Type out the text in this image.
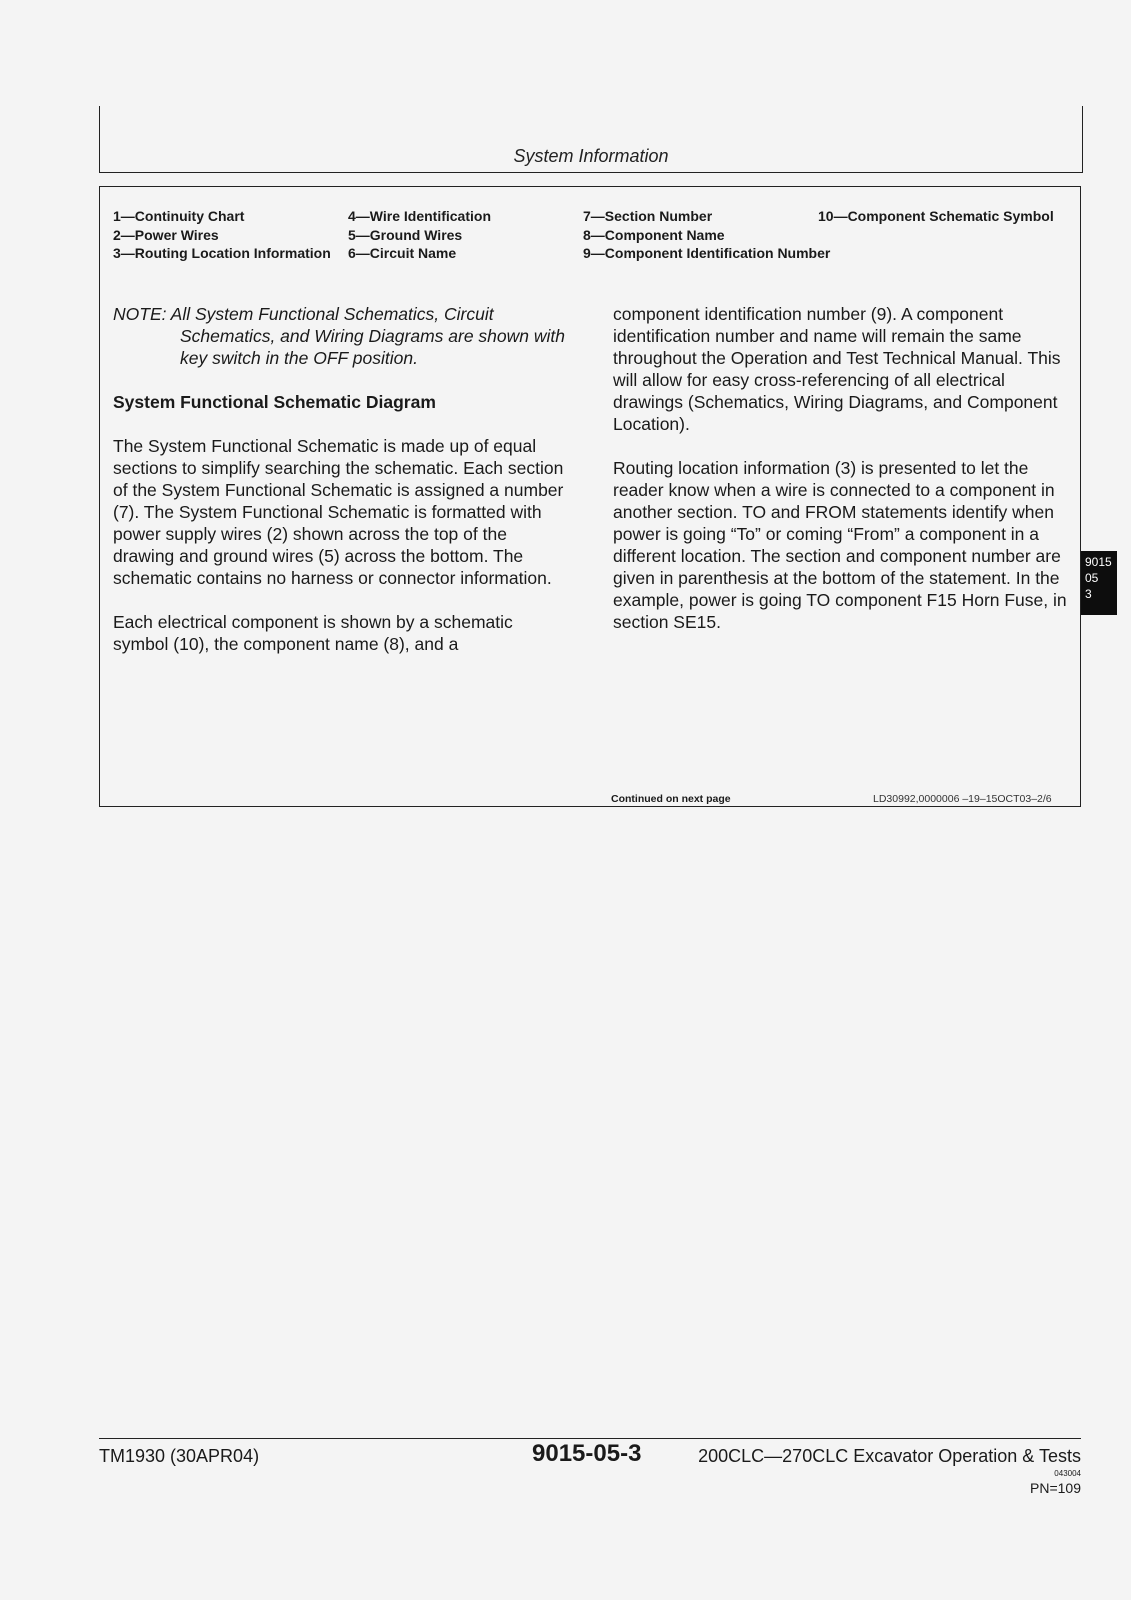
System Information
1—Continuity Chart
2—Power Wires
3—Routing Location Information
4—Wire Identification
5—Ground Wires
6—Circuit Name
7—Section Number
8—Component Name
9—Component Identification Number
10—Component Schematic Symbol

NOTE: All System Functional Schematics, Circuit Schematics, and Wiring Diagrams are shown with key switch in the OFF position.

System Functional Schematic Diagram

The System Functional Schematic is made up of equal sections to simplify searching the schematic. Each section of the System Functional Schematic is assigned a number (7). The System Functional Schematic is formatted with power supply wires (2) shown across the top of the drawing and ground wires (5) across the bottom. The schematic contains no harness or connector information.

Each electrical component is shown by a schematic symbol (10), the component name (8), and a

component identification number (9). A component identification number and name will remain the same throughout the Operation and Test Technical Manual. This will allow for easy cross-referencing of all electrical drawings (Schematics, Wiring Diagrams, and Component Location).

Routing location information (3) is presented to let the reader know when a wire is connected to a component in another section. TO and FROM statements identify when power is going “To” or coming “From” a component in a different location. The section and component number are given in parenthesis at the bottom of the statement. In the example, power is going TO component F15 Horn Fuse, in section SE15.

Continued on next page	LD30992,0000006 –19–15OCT03–2/6
9015
05
3
TM1930 (30APR04)	9015-05-3	200CLC—270CLC Excavator Operation & Tests
043004
PN=109
